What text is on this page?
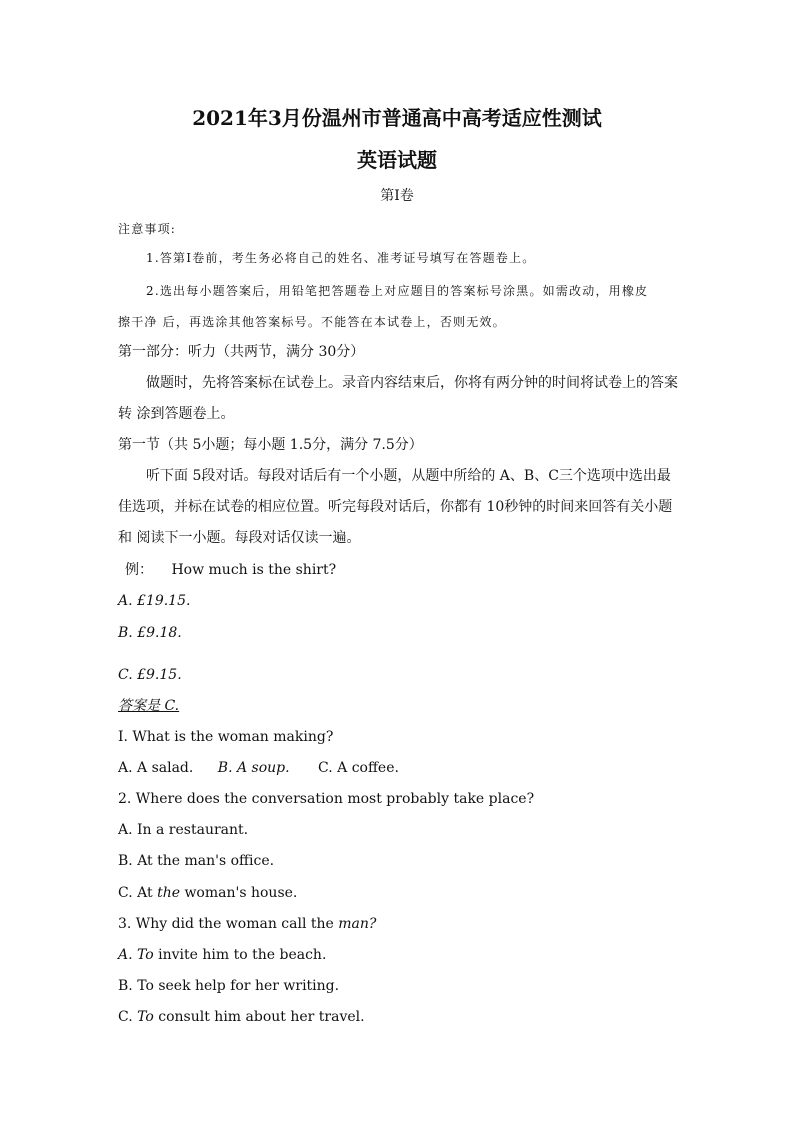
2021年3月份温州市普通高中高考适应性测试
英语试题
第I卷
注意事项:
1.答第I卷前，考生务必将自己的姓名、准考证号填写在答题卷上。
2.选出每小题答案后，用铅笔把答题卷上对应题目的答案标号涂黑。如需改动，用橡皮
擦干净 后，再选涂其他答案标号。不能答在本试卷上，否则无效。
第一部分：听力（共两节，满分 30分）
做题时，先将答案标在试卷上。录音内容结束后，你将有两分钟的时间将试卷上的答案
转 涂到答题卷上。
第一节（共 5小题；每小题 1.5分，满分 7.5分）
听下面 5段对话。每段对话后有一个小题，从题中所给的 A、B、C三个选项中选出最
佳选项，并标在试卷的相应位置。听完每段对话后，你都有 10秒钟的时间来回答有关小题
和 阅读下一小题。每段对话仅读一遍。
例： How much is the shirt?
A. £19.15.
B. £9.18.
C. £9.15.
答案是 C.
I. What is the woman making?
A. A salad. B. A soup. C. A coffee.
2. Where does the conversation most probably take place?
A. In a restaurant.
B. At the man's office.
C. At the woman's house.
3. Why did the woman call the man?
A. To invite him to the beach.
B. To seek help for her writing.
C. To consult him about her travel.
